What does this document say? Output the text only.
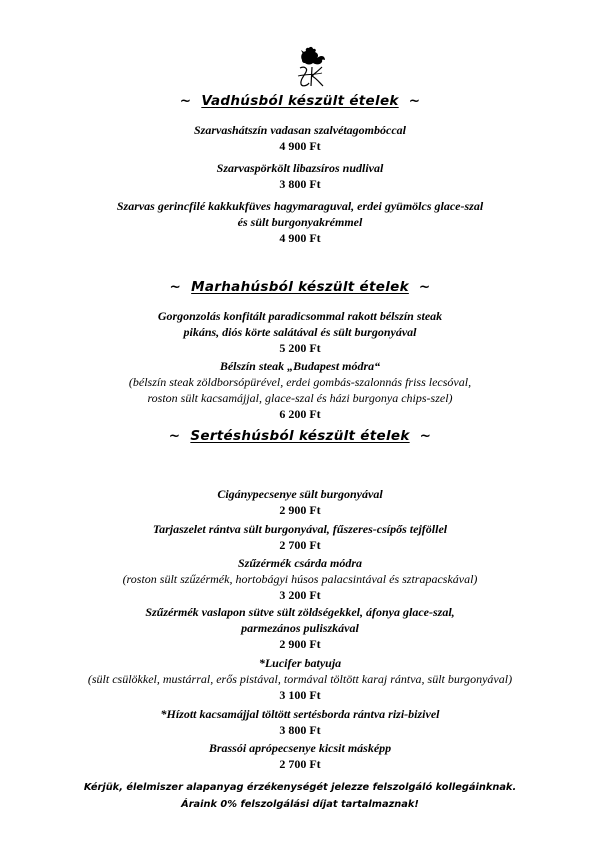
~ Vadhúsból készült ételek ~
Szarvashátszín vadasan szalvétagombóccal
4 900 Ft
Szarvaspörkölt libazsíros nudlival
3 800 Ft
Szarvas gerincfilé kakkukfüves hagymaraguval, erdei gyümölcs glace-szal
és sült burgonyakrémmel
4 900 Ft
~ Marhahúsból készült ételek ~
Gorgonzolás konfitált paradicsommal rakott bélszín steak
pikáns, diós körte salátával és sült burgonyával
5 200 Ft
Bélszín steak „Budapest módra“
(bélszín steak zöldborsópürével, erdei gombás-szalonnás friss lecsóval,
roston sült kacsamájjal, glace-szal és házi burgonya chips-szel)
6 200 Ft
~ Sertéshúsból készült ételek ~
Cigánypecsenye sült burgonyával
2 900 Ft
Tarjaszelet rántva sült burgonyával, fűszeres-csípős tejföllel
2 700 Ft
Szűzérmék csárda módra
(roston sült szűzérmék, hortobágyi húsos palacsintával és sztrapacskával)
3 200 Ft
Szűzérmék vaslapon sütve sült zöldségekkel, áfonya glace-szal,
parmezános puliszkával
2 900 Ft
*Lucifer batyuja
(sült csülökkel, mustárral, erős pistával, tormával töltött karaj rántva, sült burgonyával)
3 100 Ft
*Hízott kacsamájjal töltött sertésborda rántva rizi-bizivel
3 800 Ft
Brassói aprópecsenye kicsit másképp
2 700 Ft
Kérjük, élelmiszer alapanyag érzékenységét jelezze felszolgáló kollegáinknak.
Áraink 0% felszolgálási díjat tartalmaznak!
